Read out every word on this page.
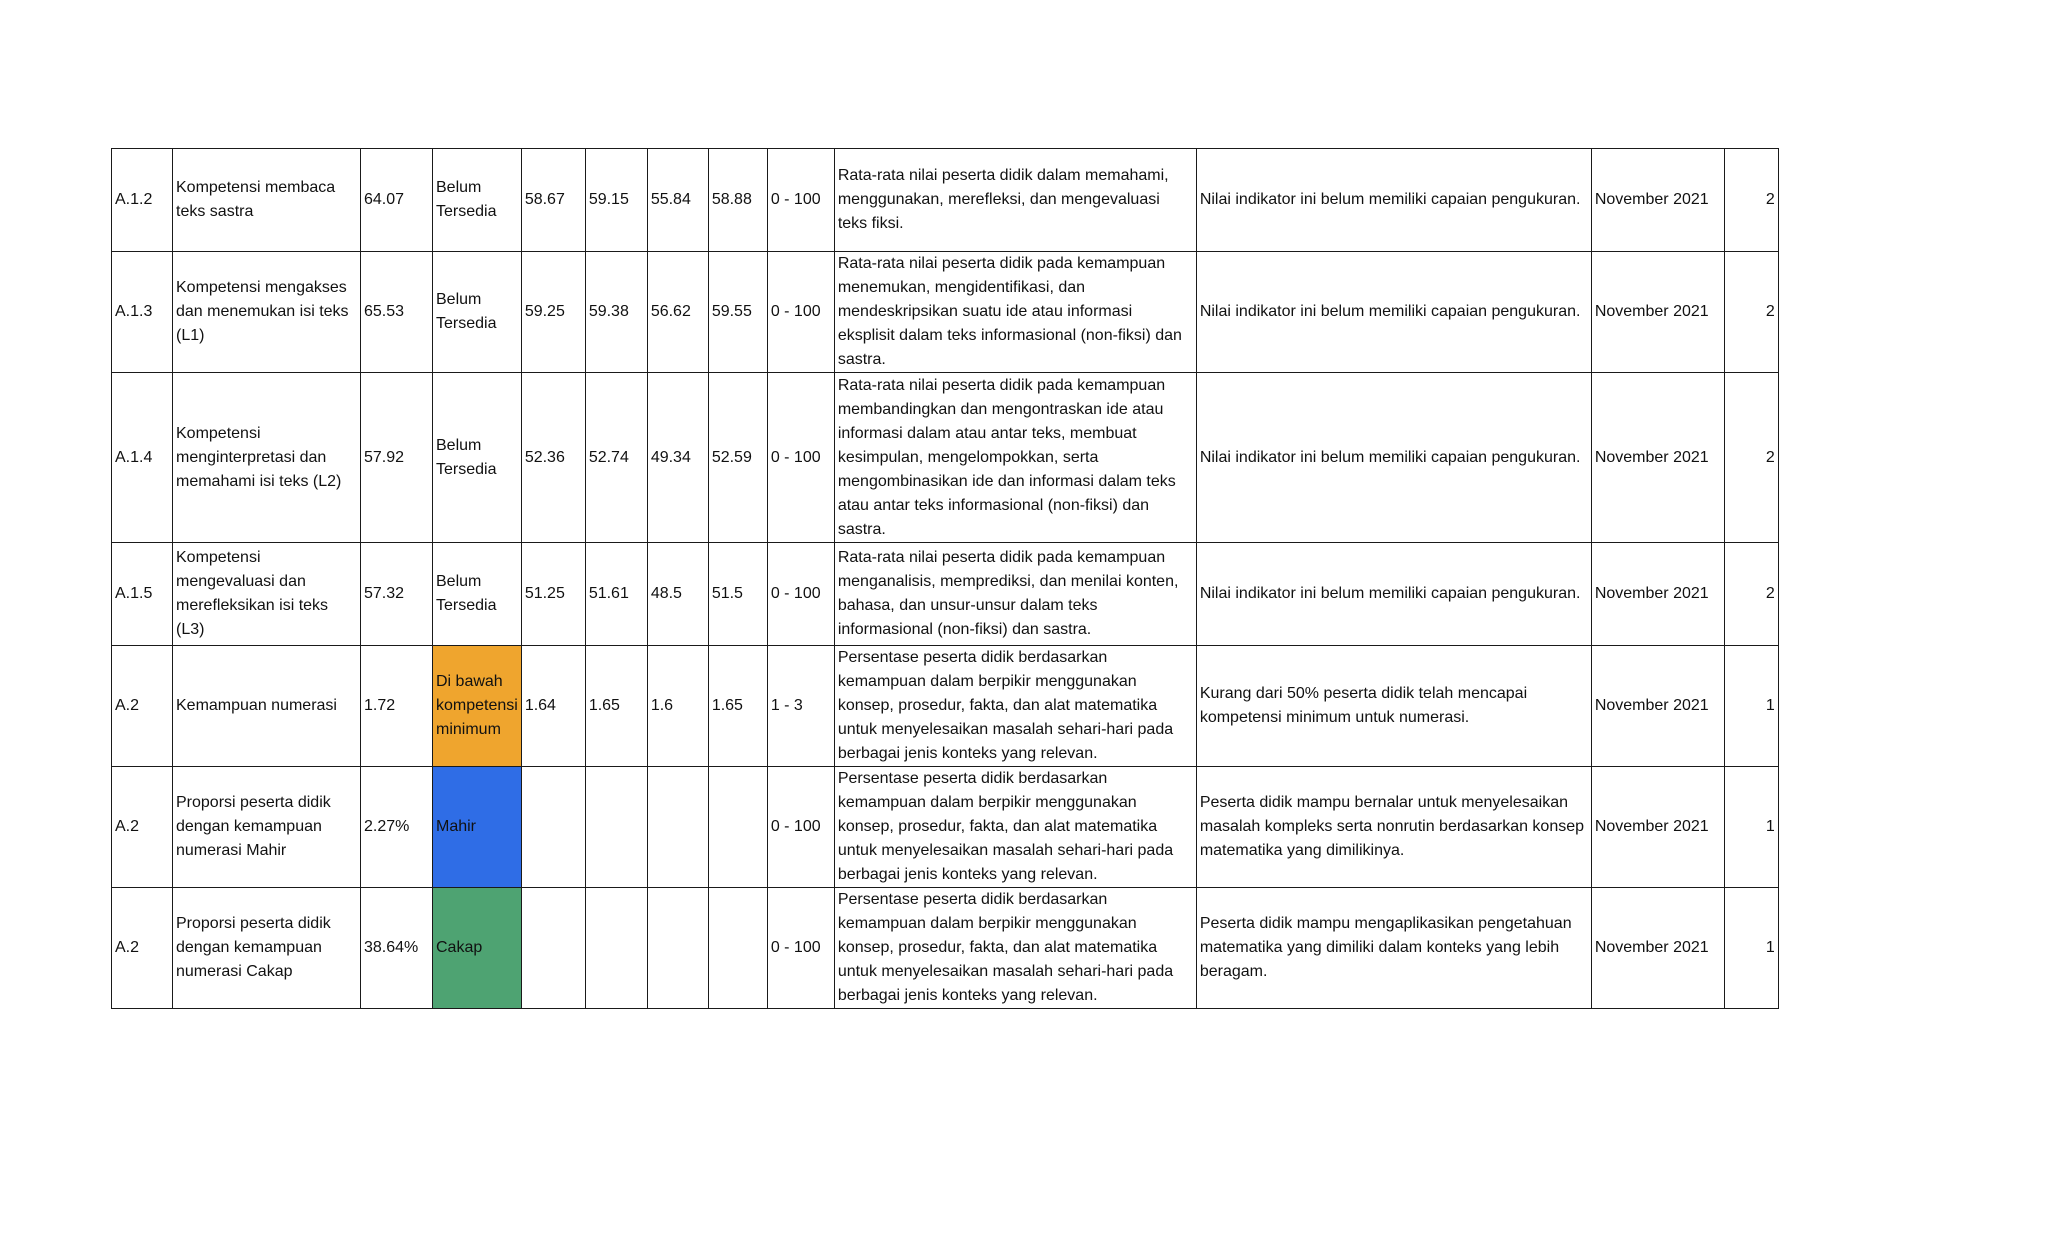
A.1.2	Kompetensi membaca teks sastra	64.07	Belum Tersedia	58.67	59.15	55.84	58.88	0 - 100	Rata-rata nilai peserta didik dalam memahami, menggunakan, merefleksi, dan mengevaluasi teks fiksi.	Nilai indikator ini belum memiliki capaian pengukuran.	November 2021	2
A.1.3	Kompetensi mengakses dan menemukan isi teks (L1)	65.53	Belum Tersedia	59.25	59.38	56.62	59.55	0 - 100	Rata-rata nilai peserta didik pada kemampuan menemukan, mengidentifikasi, dan mendeskripsikan suatu ide atau informasi eksplisit dalam teks informasional (non-fiksi) dan sastra.	Nilai indikator ini belum memiliki capaian pengukuran.	November 2021	2
A.1.4	Kompetensi menginterpretasi dan memahami isi teks (L2)	57.92	Belum Tersedia	52.36	52.74	49.34	52.59	0 - 100	Rata-rata nilai peserta didik pada kemampuan membandingkan dan mengontraskan ide atau informasi dalam atau antar teks, membuat kesimpulan, mengelompokkan, serta mengombinasikan ide dan informasi dalam teks atau antar teks informasional (non-fiksi) dan sastra.	Nilai indikator ini belum memiliki capaian pengukuran.	November 2021	2
A.1.5	Kompetensi mengevaluasi dan merefleksikan isi teks (L3)	57.32	Belum Tersedia	51.25	51.61	48.5	51.5	0 - 100	Rata-rata nilai peserta didik pada kemampuan menganalisis, memprediksi, dan menilai konten, bahasa, dan unsur-unsur dalam teks informasional (non-fiksi) dan sastra.	Nilai indikator ini belum memiliki capaian pengukuran.	November 2021	2
A.2	Kemampuan numerasi	1.72	Di bawah kompetensi minimum	1.64	1.65	1.6	1.65	1 - 3	Persentase peserta didik berdasarkan kemampuan dalam berpikir menggunakan konsep, prosedur, fakta, dan alat matematika untuk menyelesaikan masalah sehari-hari pada berbagai jenis konteks yang relevan.	Kurang dari 50% peserta didik telah mencapai kompetensi minimum untuk numerasi.	November 2021	1
A.2	Proporsi peserta didik dengan kemampuan numerasi Mahir	2.27%	Mahir					0 - 100	Persentase peserta didik berdasarkan kemampuan dalam berpikir menggunakan konsep, prosedur, fakta, dan alat matematika untuk menyelesaikan masalah sehari-hari pada berbagai jenis konteks yang relevan.	Peserta didik mampu bernalar untuk menyelesaikan masalah kompleks serta nonrutin berdasarkan konsep matematika yang dimilikinya.	November 2021	1
A.2	Proporsi peserta didik dengan kemampuan numerasi Cakap	38.64%	Cakap					0 - 100	Persentase peserta didik berdasarkan kemampuan dalam berpikir menggunakan konsep, prosedur, fakta, dan alat matematika untuk menyelesaikan masalah sehari-hari pada berbagai jenis konteks yang relevan.	Peserta didik mampu mengaplikasikan pengetahuan matematika yang dimiliki dalam konteks yang lebih beragam.	November 2021	1
